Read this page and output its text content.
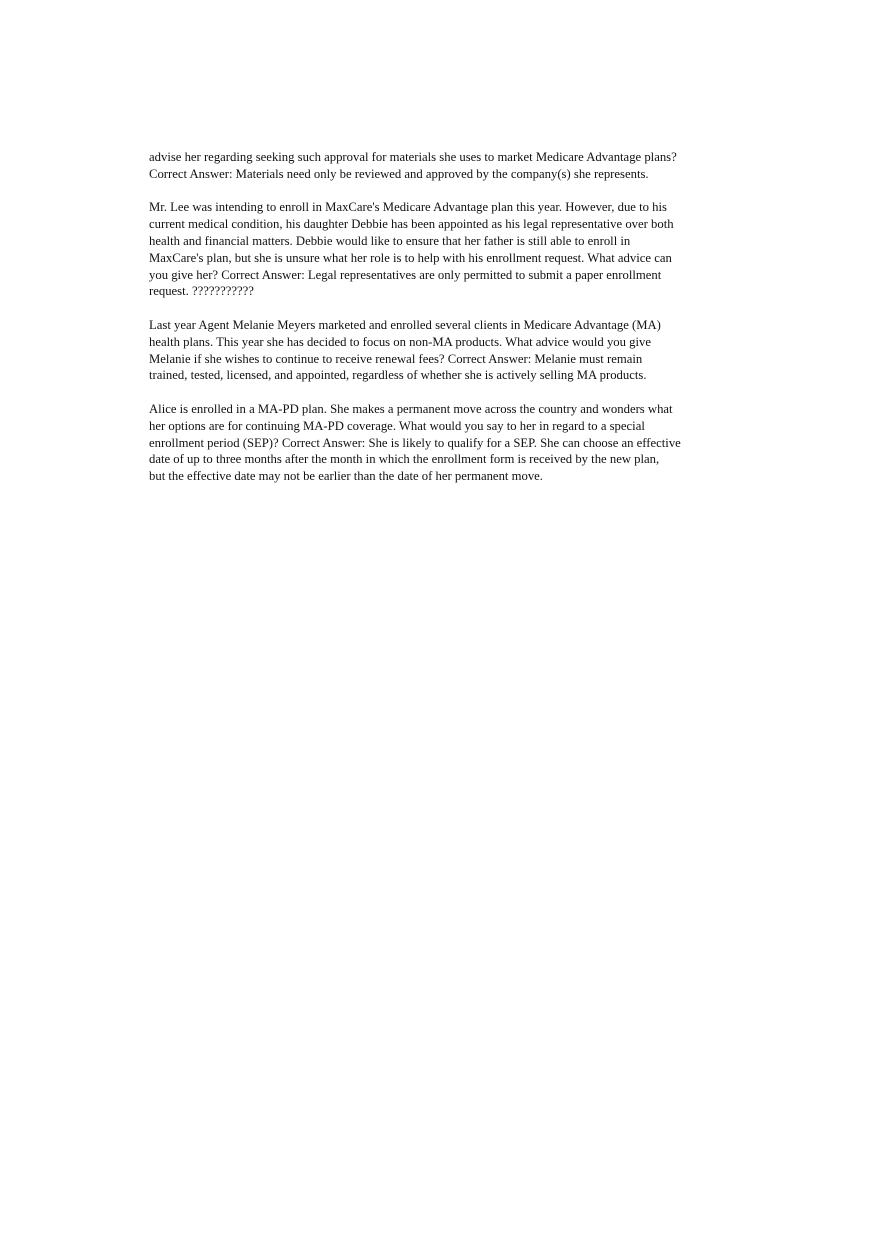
advise her regarding seeking such approval for materials she uses to market Medicare Advantage plans?
Correct Answer: Materials need only be reviewed and approved by the company(s) she represents.

Mr. Lee was intending to enroll in MaxCare's Medicare Advantage plan this year. However, due to his
current medical condition, his daughter Debbie has been appointed as his legal representative over both
health and financial matters. Debbie would like to ensure that her father is still able to enroll in
MaxCare's plan, but she is unsure what her role is to help with his enrollment request. What advice can
you give her? Correct Answer: Legal representatives are only permitted to submit a paper enrollment
request. ???????????

Last year Agent Melanie Meyers marketed and enrolled several clients in Medicare Advantage (MA)
health plans. This year she has decided to focus on non-MA products. What advice would you give
Melanie if she wishes to continue to receive renewal fees? Correct Answer: Melanie must remain
trained, tested, licensed, and appointed, regardless of whether she is actively selling MA products.

Alice is enrolled in a MA-PD plan. She makes a permanent move across the country and wonders what
her options are for continuing MA-PD coverage. What would you say to her in regard to a special
enrollment period (SEP)? Correct Answer: She is likely to qualify for a SEP. She can choose an effective
date of up to three months after the month in which the enrollment form is received by the new plan,
but the effective date may not be earlier than the date of her permanent move.
